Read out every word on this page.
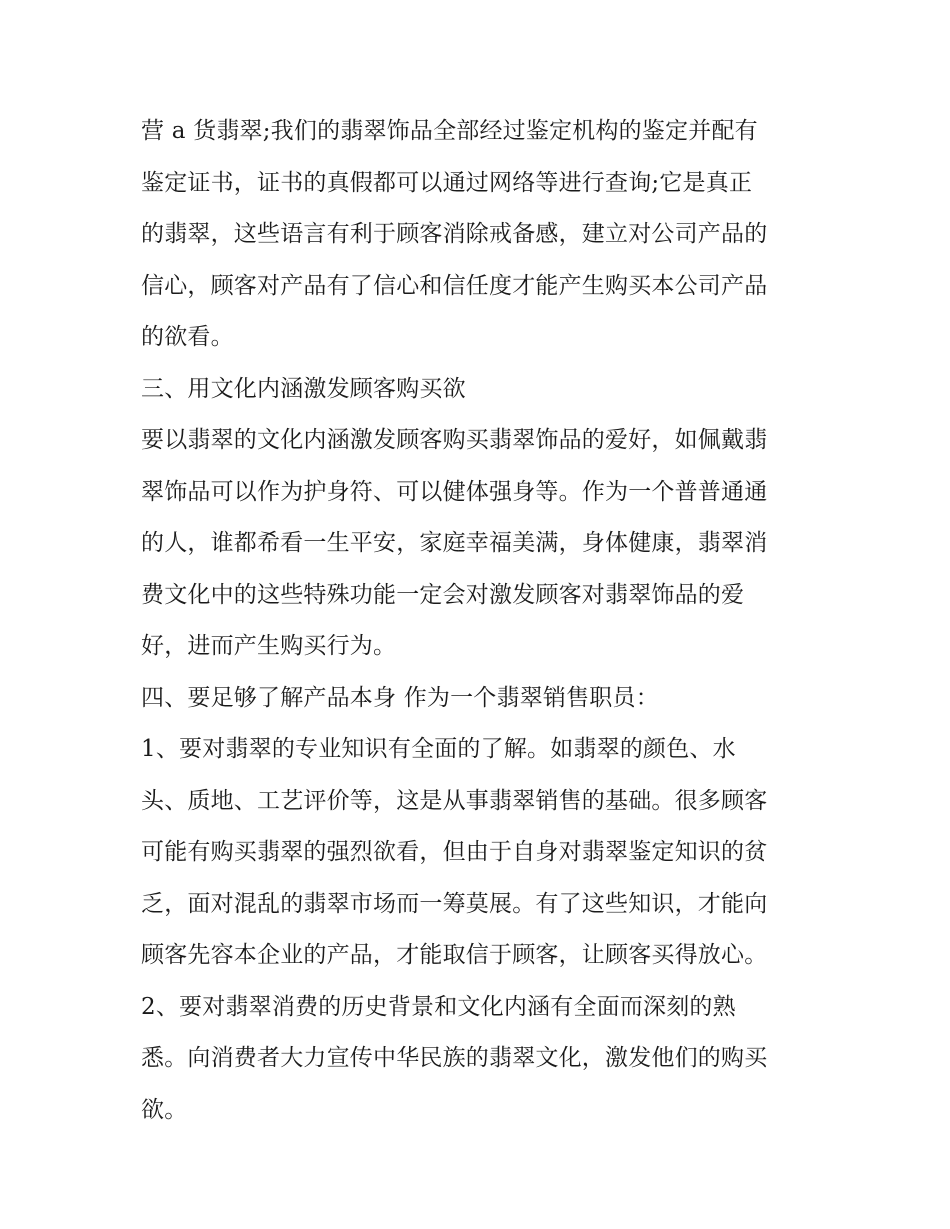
营 a 货翡翠;我们的翡翠饰品全部经过鉴定机构的鉴定并配有
鉴定证书，证书的真假都可以通过网络等进行查询;它是真正
的翡翠，这些语言有利于顾客消除戒备感，建立对公司产品的
信心，顾客对产品有了信心和信任度才能产生购买本公司产品
的欲看。
三、用文化内涵激发顾客购买欲
要以翡翠的文化内涵激发顾客购买翡翠饰品的爱好，如佩戴翡
翠饰品可以作为护身符、可以健体强身等。作为一个普普通通
的人，谁都希看一生平安，家庭幸福美满，身体健康，翡翠消
费文化中的这些特殊功能一定会对激发顾客对翡翠饰品的爱
好，进而产生购买行为。
四、要足够了解产品本身 作为一个翡翠销售职员：
1、要对翡翠的专业知识有全面的了解。如翡翠的颜色、水
头、质地、工艺评价等，这是从事翡翠销售的基础。很多顾客
可能有购买翡翠的强烈欲看，但由于自身对翡翠鉴定知识的贫
乏，面对混乱的翡翠市场而一筹莫展。有了这些知识，才能向
顾客先容本企业的产品，才能取信于顾客，让顾客买得放心。
2、要对翡翠消费的历史背景和文化内涵有全面而深刻的熟
悉。向消费者大力宣传中华民族的翡翠文化，激发他们的购买
欲。
